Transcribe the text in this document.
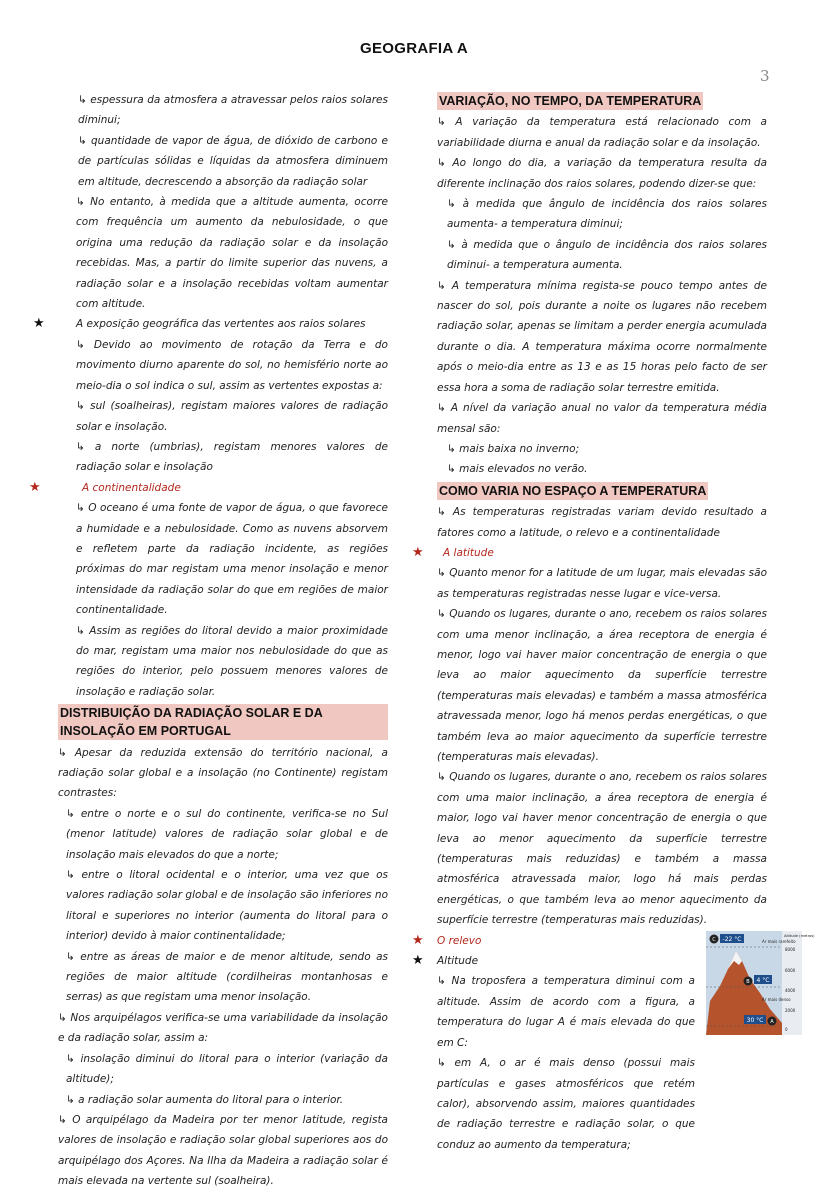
GEOGRAFIA A
3

↳ espessura da atmosfera a atravessar pelos raios solares diminui;

↳ quantidade de vapor de água, de dióxido de carbono e de partículas sólidas e líquidas da atmosfera diminuem em altitude, decrescendo a absorção da radiação solar

↳ No entanto, à medida que a altitude aumenta, ocorre com frequência um aumento da nebulosidade, o que origina uma redução da radiação solar e da insolação recebidas. Mas, a partir do limite superior das nuvens, a radiação solar e a insolação recebidas voltam aumentar com altitude.

★	A exposição geográfica das vertentes aos raios solares

↳ Devido ao movimento de rotação da Terra e do movimento diurno aparente do sol, no hemisfério norte ao meio-dia o sol indica o sul, assim as vertentes expostas a:

↳ sul (soalheiras), registam maiores valores de radiação solar e insolação.

↳ a norte (umbrias), registam menores valores de radiação solar e insolação

★	A continentalidade

↳ O oceano é uma fonte de vapor de água, o que favorece a humidade e a nebulosidade. Como as nuvens absorvem e refletem parte da radiação incidente, as regiões próximas do mar registam uma menor insolação e menor intensidade da radiação solar do que em regiões de maior continentalidade.

↳ Assim as regiões do litoral devido a maior proximidade do mar, registam uma maior nos nebulosidade do que as regiões do interior, pelo possuem menores valores de insolação e radiação solar.

DISTRIBUIÇÃO DA RADIAÇÃO SOLAR E DA INSOLAÇÃO EM PORTUGAL

↳ Apesar da reduzida extensão do território nacional, a radiação solar global e a insolação (no Continente) registam contrastes:

↳ entre o norte e o sul do continente, verifica-se no Sul (menor latitude) valores de radiação solar global e de insolação mais elevados do que a norte;

↳ entre o litoral ocidental e o interior, uma vez que os valores radiação solar global e de insolação são inferiores no litoral e superiores no interior (aumenta do litoral para o interior) devido à maior continentalidade;

↳ entre as áreas de maior e de menor altitude, sendo as regiões de maior altitude (cordilheiras montanhosas e serras) as que registam uma menor insolação.

↳ Nos arquipélagos verifica-se uma variabilidade da insolação e da radiação solar, assim a:

↳ insolação diminui do litoral para o interior (variação da altitude);

↳ a radiação solar aumenta do litoral para o interior.

↳ O arquipélago da Madeira por ter menor latitude, regista valores de insolação e radiação solar global superiores aos do arquipélago dos Açores. Na Ilha da Madeira a radiação solar é mais elevada na vertente sul (soalheira).

VARIAÇÃO, NO TEMPO, DA TEMPERATURA

↳ A variação da temperatura está relacionado com a variabilidade diurna e anual da radiação solar e da insolação.

↳ Ao longo do dia, a variação da temperatura resulta da diferente inclinação dos raios solares, podendo dizer-se que:

↳ à medida que ângulo de incidência dos raios solares aumenta- a temperatura diminui;

↳ à medida que o ângulo de incidência dos raios solares diminui- a temperatura aumenta.

↳ A temperatura mínima regista-se pouco tempo antes de nascer do sol, pois durante a noite os lugares não recebem radiação solar, apenas se limitam a perder energia acumulada durante o dia. A temperatura máxima ocorre normalmente após o meio-dia entre as 13 e as 15 horas pelo facto de ser essa hora a soma de radiação solar terrestre emitida.

↳ A nível da variação anual no valor da temperatura média mensal são:

↳ mais baixa no inverno;

↳ mais elevados no verão.

COMO VARIA NO ESPAÇO A TEMPERATURA

↳ As temperaturas registradas variam devido resultado a fatores como a latitude, o relevo e a continentalidade

★ A latitude

↳ Quanto menor for a latitude de um lugar, mais elevadas são as temperaturas registradas nesse lugar e vice-versa.

↳ Quando os lugares, durante o ano, recebem os raios solares com uma menor inclinação, a área receptora de energia é menor, logo vai haver maior concentração de energia o que leva ao maior aquecimento da superfície terrestre (temperaturas mais elevadas) e também a massa atmosférica atravessada menor, logo há menos perdas energéticas, o que também leva ao maior aquecimento da superfície terrestre (temperaturas mais elevadas).

↳ Quando os lugares, durante o ano, recebem os raios solares com uma maior inclinação, a área receptora de energia é maior, logo vai haver menor concentração de energia o que leva ao menor aquecimento da superfície terrestre (temperaturas mais reduzidas) e também a massa atmosférica atravessada maior, logo há mais perdas energéticas, o que também leva ao menor aquecimento da superfície terrestre (temperaturas mais reduzidas).

★ O relevo

★ Altitude

↳ Na troposfera a temperatura diminui com a altitude. Assim de acordo com a figura, a temperatura do lugar A é mais elevada do que em C:

↳ em A, o ar é mais denso (possui mais partículas e gases atmosféricos que retém calor), absorvendo assim, maiores quantidades de radiação terrestre e radiação solar, o que conduz ao aumento da temperatura;

-22 °C
4 °C
30 °C
Ar mais rarefeito
Ar mais denso
Altitude (metros)
8000
6000
4000
2000
0
C
B
A
